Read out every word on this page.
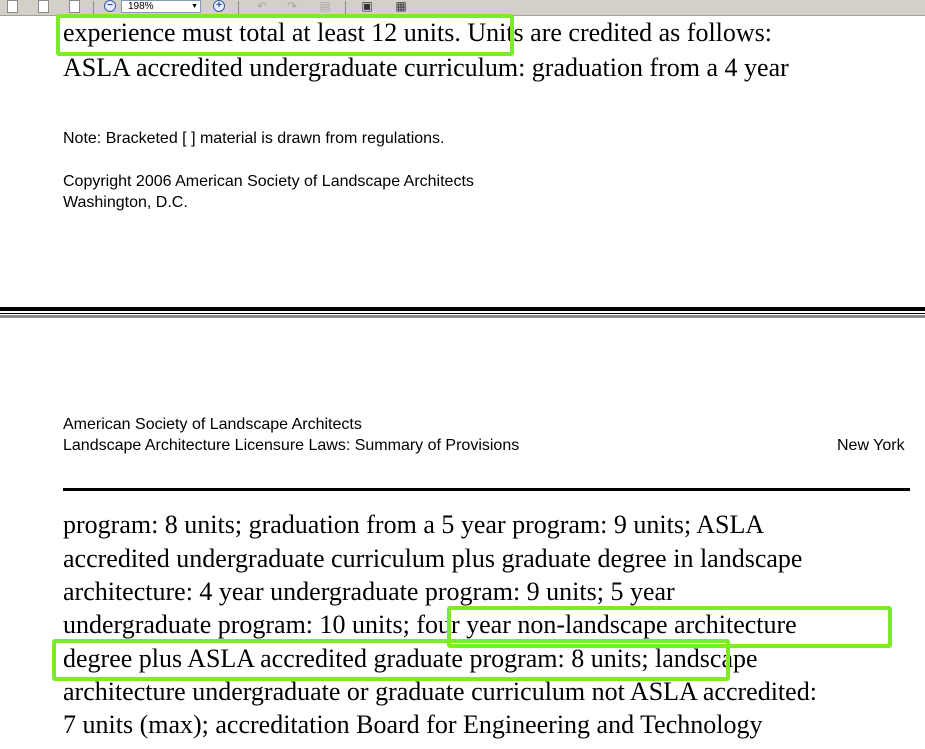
−	198%	▼	+	↶ ↷ ▤	▣ ▦
experience must total at least 12 units. Units are credited as follows:
ASLA accredited undergraduate curriculum: graduation from a 4 year
Note: Bracketed [ ] material is drawn from regulations.
Copyright 2006 American Society of Landscape Architects
Washington, D.C.
American Society of Landscape Architects
Landscape Architecture Licensure Laws: Summary of Provisions	New York
program: 8 units; graduation from a 5 year program: 9 units; ASLA
accredited undergraduate curriculum plus graduate degree in landscape
architecture: 4 year undergraduate program: 9 units; 5 year
undergraduate program: 10 units; four year non-landscape architecture
degree plus ASLA accredited graduate program: 8 units; landscape
architecture undergraduate or graduate curriculum not ASLA accredited:
7 units (max); accreditation Board for Engineering and Technology
